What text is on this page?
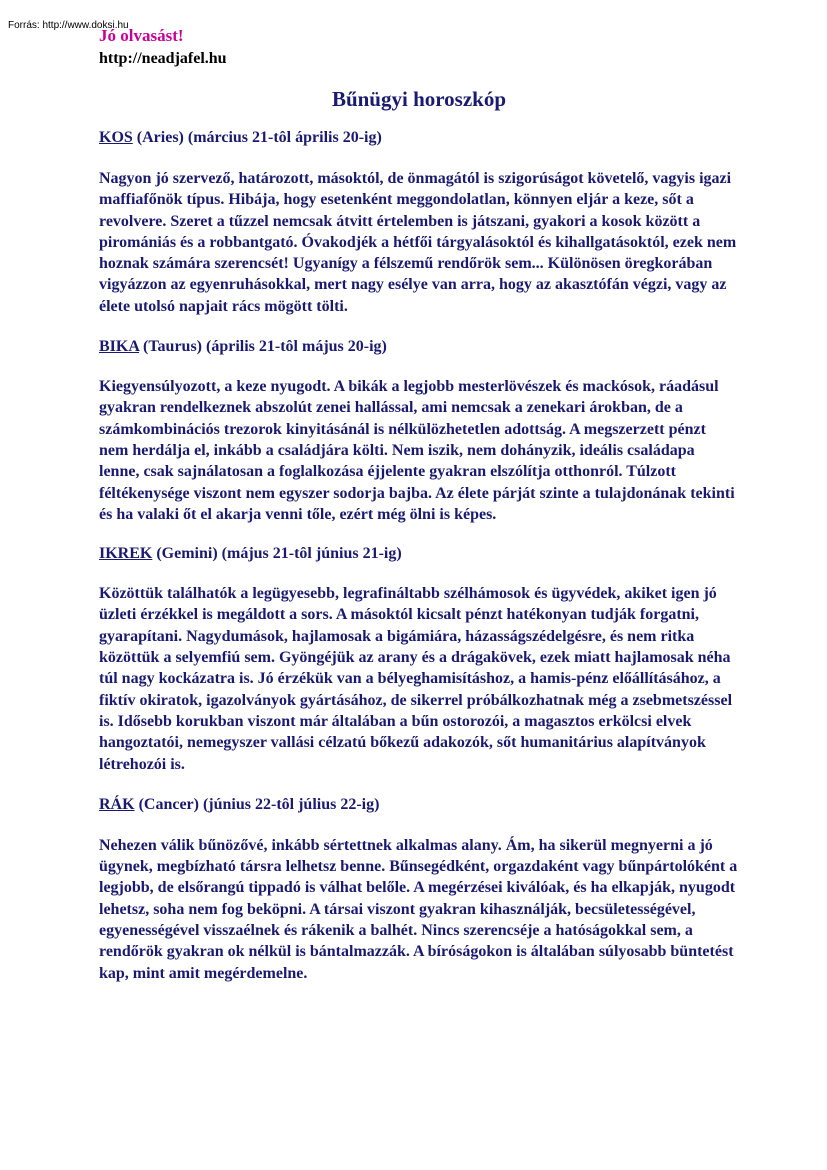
Forrás: http://www.doksi.hu

Jó olvasást!

http://neadjafel.hu

Bűnügyi horoszkóp

KOS (Aries) (március 21-tôl április 20-ig)

Nagyon jó szervező, határozott, másoktól, de önmagától is szigorúságot követelő, vagyis igazi maffiafőnök típus. Hibája, hogy esetenként meggondolatlan, könnyen eljár a keze, sőt a revolvere. Szeret a tűzzel nemcsak átvitt értelemben is játszani, gyakori a kosok között a piromániás és a robbantgató. Óvakodjék a hétfői tárgyalásoktól és kihallgatásoktól, ezek nem hoznak számára szerencsét! Ugyanígy a félszemű rendőrök sem... Különösen öregkorában vigyázzon az egyenruhásokkal, mert nagy esélye van arra, hogy az akasztófán végzi, vagy az élete utolsó napjait rács mögött tölti.

BIKA (Taurus) (április 21-tôl május 20-ig)

Kiegyensúlyozott, a keze nyugodt. A bikák a legjobb mesterlövészek és mackósok, ráadásul gyakran rendelkeznek abszolút zenei hallással, ami nemcsak a zenekari árokban, de a számkombinációs trezorok kinyitásánál is nélkülözhetetlen adottság. A megszerzett pénzt nem herdálja el, inkább a családjára költi. Nem iszik, nem dohányzik, ideális családapa lenne, csak sajnálatosan a foglalkozása éjjelente gyakran elszólítja otthonról. Túlzott féltékenysége viszont nem egyszer sodorja bajba. Az élete párját szinte a tulajdonának tekinti és ha valaki őt el akarja venni tőle, ezért még ölni is képes.

IKREK (Gemini) (május 21-tôl június 21-ig)

Közöttük találhatók a legügyesebb, legrafináltabb szélhámosok és ügyvédek, akiket igen jó üzleti érzékkel is megáldott a sors. A másoktól kicsalt pénzt hatékonyan tudják forgatni, gyarapítani. Nagydumások, hajlamosak a bigámiára, házasságszédelgésre, és nem ritka közöttük a selyemfiú sem. Gyöngéjük az arany és a drágakövek, ezek miatt hajlamosak néha túl nagy kockázatra is. Jó érzékük van a bélyeghamisításhoz, a hamis-pénz előállításához, a fiktív okiratok, igazolványok gyártásához, de sikerrel próbálkozhatnak még a zsebmetszéssel is. Idősebb korukban viszont már általában a bűn ostorozói, a magasztos erkölcsi elvek hangoztatói, nemegyszer vallási célzatú bőkezű adakozók, sőt humanitárius alapítványok létrehozói is.

RÁK (Cancer) (június 22-tôl július 22-ig)

Nehezen válik bűnözővé, inkább sértettnek alkalmas alany. Ám, ha sikerül megnyerni a jó ügynek, megbízható társra lelhetsz benne. Bűnsegédként, orgazdaként vagy bűnpártolóként a legjobb, de elsőrangú tippadó is válhat belőle. A megérzései kiválóak, és ha elkapják, nyugodt lehetsz, soha nem fog beköpni. A társai viszont gyakran kihasználják, becsületességével, egyenességével visszaélnek és rákenik a balhét. Nincs szerencséje a hatóságokkal sem, a rendőrök gyakran ok nélkül is bántalmazzák. A bíróságokon is általában súlyosabb büntetést kap, mint amit megérdemelne.
